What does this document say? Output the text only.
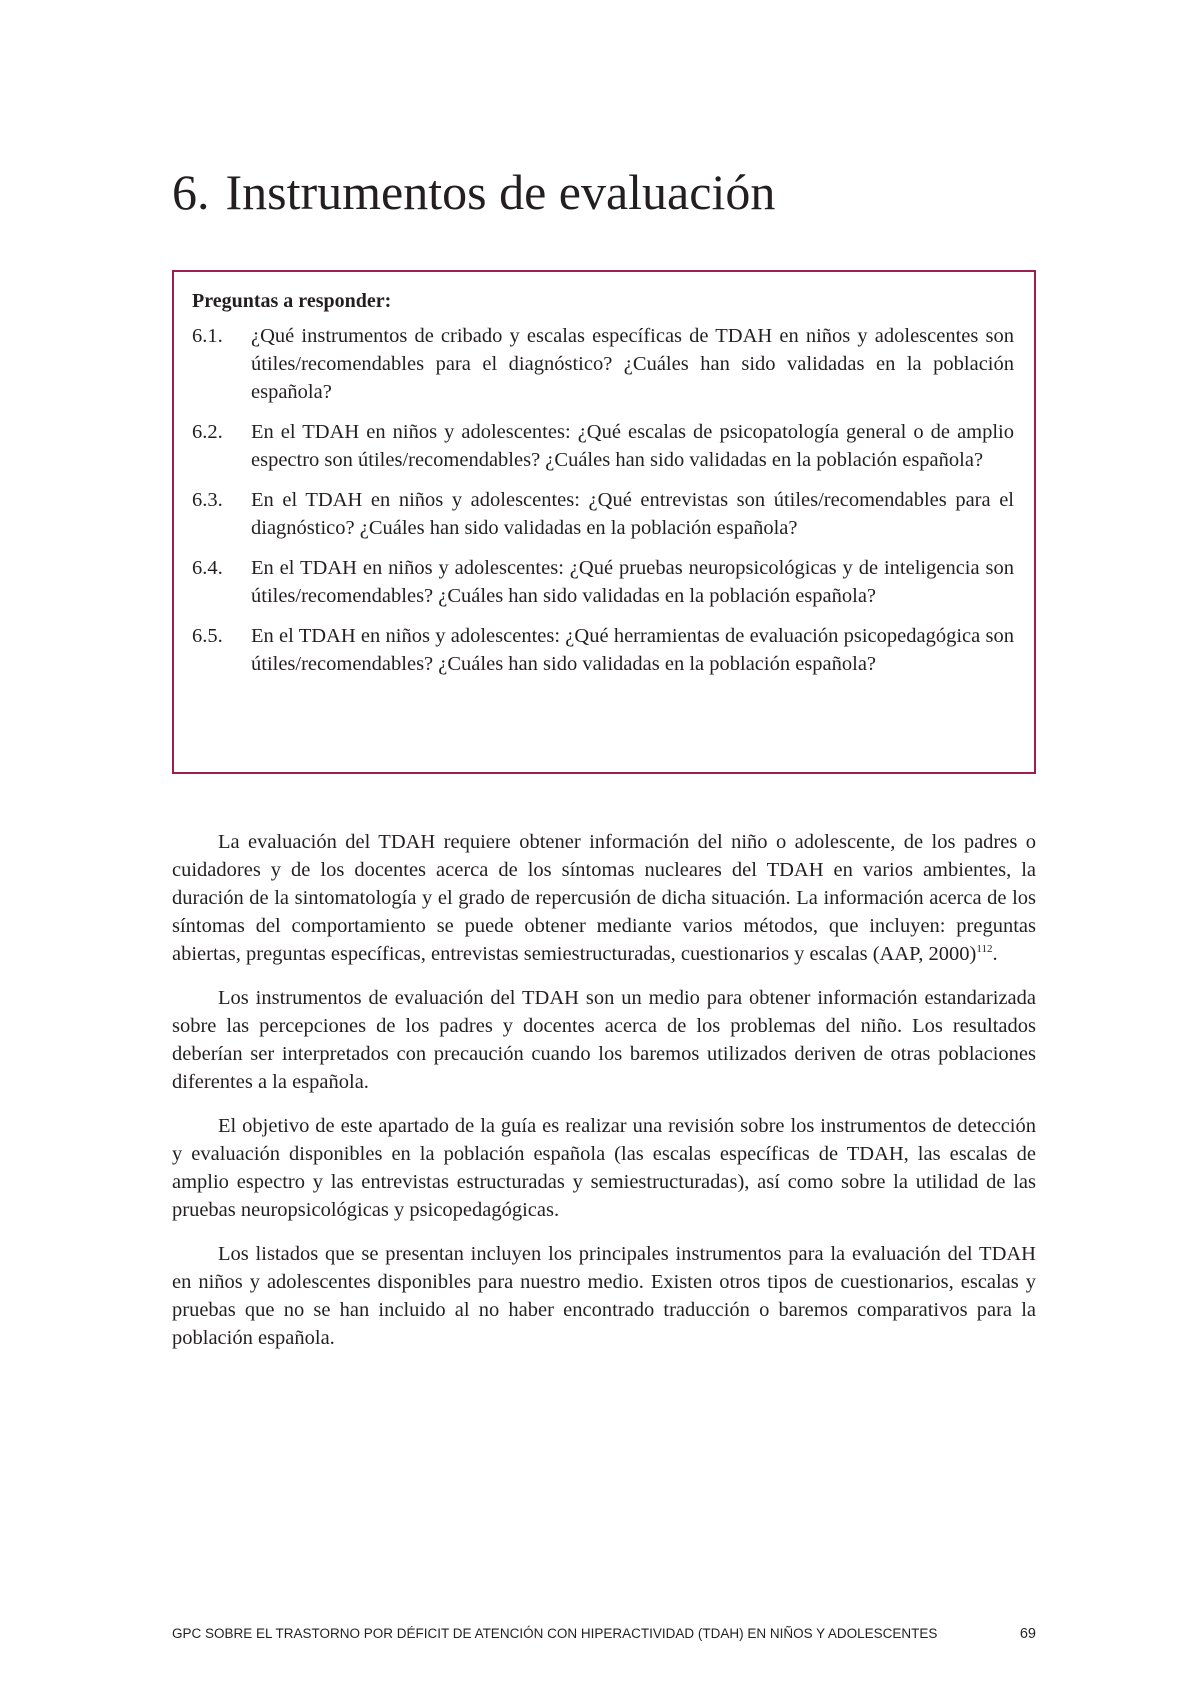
6. Instrumentos de evaluación
Preguntas a responder:
6.1.	¿Qué instrumentos de cribado y escalas específicas de TDAH en niños y adolescentes son útiles/recomendables para el diagnóstico? ¿Cuáles han sido validadas en la población española?
6.2.	En el TDAH en niños y adolescentes: ¿Qué escalas de psicopatología general o de amplio espectro son útiles/recomendables? ¿Cuáles han sido validadas en la población española?
6.3.	En el TDAH en niños y adolescentes: ¿Qué entrevistas son útiles/recomendables para el diagnóstico? ¿Cuáles han sido validadas en la población española?
6.4.	En el TDAH en niños y adolescentes: ¿Qué pruebas neuropsicológicas y de inteligencia son útiles/recomendables? ¿Cuáles han sido validadas en la población española?
6.5.	En el TDAH en niños y adolescentes: ¿Qué herramientas de evaluación psicopedagógica son útiles/recomendables? ¿Cuáles han sido validadas en la población española?

La evaluación del TDAH requiere obtener información del niño o adolescente, de los padres o cuidadores y de los docentes acerca de los síntomas nucleares del TDAH en varios ambientes, la duración de la sintomatología y el grado de repercusión de dicha situación. La información acerca de los síntomas del comportamiento se puede obtener mediante varios métodos, que incluyen: preguntas abiertas, preguntas específicas, entrevistas semiestructuradas, cuestionarios y escalas (AAP, 2000)$^{112}$.

Los instrumentos de evaluación del TDAH son un medio para obtener información estandarizada sobre las percepciones de los padres y docentes acerca de los problemas del niño. Los resultados deberían ser interpretados con precaución cuando los baremos utilizados deriven de otras poblaciones diferentes a la española.

El objetivo de este apartado de la guía es realizar una revisión sobre los instrumentos de detección y evaluación disponibles en la población española (las escalas específicas de TDAH, las escalas de amplio espectro y las entrevistas estructuradas y semiestructuradas), así como sobre la utilidad de las pruebas neuropsicológicas y psicopedagógicas.

Los listados que se presentan incluyen los principales instrumentos para la evaluación del TDAH en niños y adolescentes disponibles para nuestro medio. Existen otros tipos de cuestionarios, escalas y pruebas que no se han incluido al no haber encontrado traducción o baremos comparativos para la población española.

GPC SOBRE EL TRASTORNO POR DÉFICIT DE ATENCIÓN CON HIPERACTIVIDAD (TDAH) EN NIÑOS Y ADOLESCENTES	69
